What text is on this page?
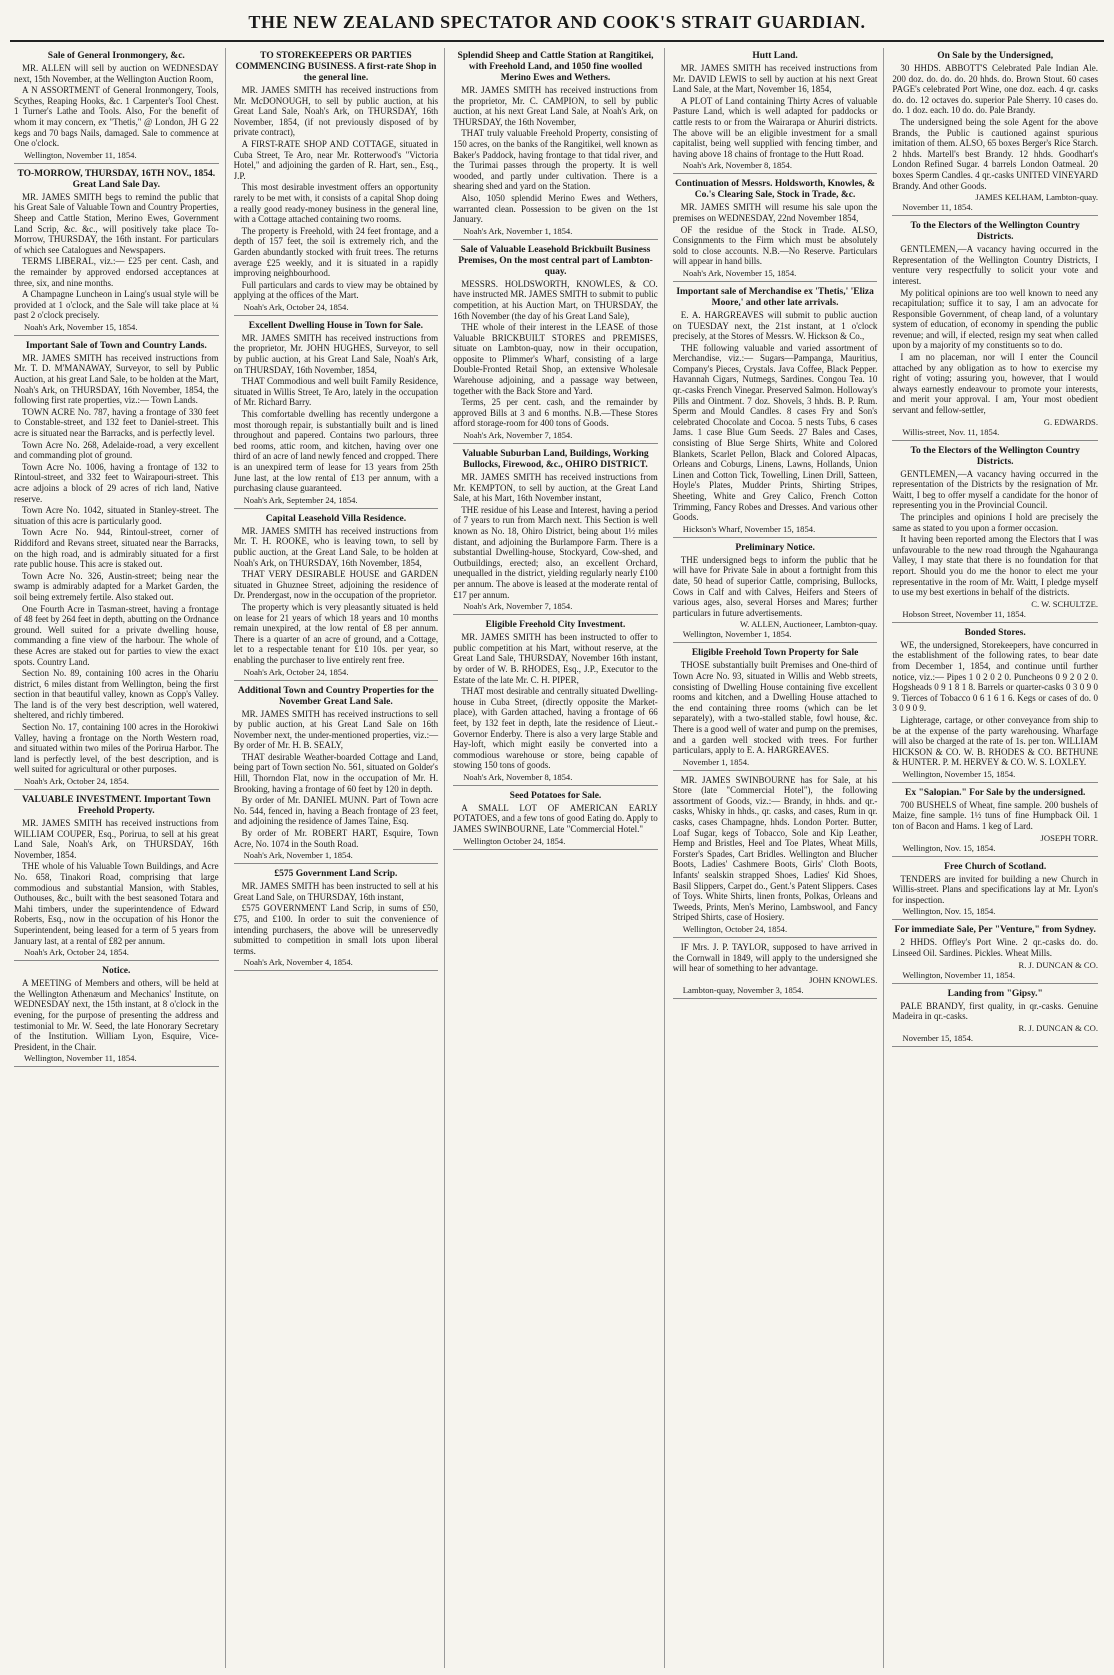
THE NEW ZEALAND SPECTATOR AND COOK'S STRAIT GUARDIAN.
Sale of General Ironmongery, &c.

MR. ALLEN will sell by auction on WEDNESDAY next, 15th November, at the Wellington Auction Room,

A N ASSORTMENT of General Ironmongery, Tools, Scythes, Reaping Hooks, &c. 1 Carpenter's Tool Chest. 1 Turner's Lathe and Tools. Also, For the benefit of whom it may concern, ex "Thetis," @ London, JH G 22 kegs and 70 bags Nails, damaged. Sale to commence at One o'clock.

Wellington, November 11, 1854.

TO-MORROW, THURSDAY, 16TH NOV., 1854. Great Land Sale Day.

MR. JAMES SMITH begs to remind the public that his Great Sale of Valuable Town and Country Properties, Sheep and Cattle Station, Merino Ewes, Government Land Scrip, &c. &c., will positively take place To-Morrow, THURSDAY, the 16th instant. For particulars of which see Catalogues and Newspapers.

TERMS LIBERAL, viz.:— £25 per cent. Cash, and the remainder by approved endorsed acceptances at three, six, and nine months.

A Champagne Luncheon in Laing's usual style will be provided at 1 o'clock, and the Sale will take place at ¼ past 2 o'clock precisely.

Noah's Ark, November 15, 1854.

Important Sale of Town and Country Lands.

MR. JAMES SMITH has received instructions from Mr. T. D. M'MANAWAY, Surveyor, to sell by Public Auction, at his great Land Sale, to be holden at the Mart, Noah's Ark, on THURSDAY, 16th November, 1854, the following first rate properties, viz.:— Town Lands.

TOWN ACRE No. 787, having a frontage of 330 feet to Constable-street, and 132 feet to Daniel-street. This acre is situated near the Barracks, and is perfectly level.

Town Acre No. 268, Adelaide-road, a very excellent and commanding plot of ground.

Town Acre No. 1006, having a frontage of 132 to Rintoul-street, and 332 feet to Wairapouri-street. This acre adjoins a block of 29 acres of rich land, Native reserve.

Town Acre No. 1042, situated in Stanley-street. The situation of this acre is particularly good.

Town Acre No. 944, Rintoul-street, corner of Riddiford and Revans street, situated near the Barracks, on the high road, and is admirably situated for a first rate public house. This acre is staked out.

Town Acre No. 326, Austin-street; being near the swamp is admirably adapted for a Market Garden, the soil being extremely fertile. Also staked out.

One Fourth Acre in Tasman-street, having a frontage of 48 feet by 264 feet in depth, abutting on the Ordnance ground. Well suited for a private dwelling house, commanding a fine view of the harbour. The whole of these Acres are staked out for parties to view the exact spots. Country Land.

Section No. 89, containing 100 acres in the Ohariu district, 6 miles distant from Wellington, being the first section in that beautiful valley, known as Copp's Valley. The land is of the very best description, well watered, sheltered, and richly timbered.

Section No. 17, containing 100 acres in the Horokiwi Valley, having a frontage on the North Western road, and situated within two miles of the Porirua Harbor. The land is perfectly level, of the best description, and is well suited for agricultural or other purposes.

Noah's Ark, October 24, 1854.

VALUABLE INVESTMENT. Important Town Freehold Property.

MR. JAMES SMITH has received instructions from WILLIAM COUPER, Esq., Porirua, to sell at his great Land Sale, Noah's Ark, on THURSDAY, 16th November, 1854.

THE whole of his Valuable Town Buildings, and Acre No. 658, Tinakori Road, comprising that large commodious and substantial Mansion, with Stables, Outhouses, &c., built with the best seasoned Totara and Mahi timbers, under the superintendence of Edward Roberts, Esq., now in the occupation of his Honor the Superintendent, being leased for a term of 5 years from January last, at a rental of £82 per annum.

Noah's Ark, October 24, 1854.

Notice.

A MEETING of Members and others, will be held at the Wellington Athenæum and Mechanics' Institute, on WEDNESDAY next, the 15th instant, at 8 o'clock in the evening, for the purpose of presenting the address and testimonial to Mr. W. Seed, the late Honorary Secretary of the Institution. William Lyon, Esquire, Vice-President, in the Chair.

Wellington, November 11, 1854.

TO STOREKEEPERS OR PARTIES COMMENCING BUSINESS. A first-rate Shop in the general line.

MR. JAMES SMITH has received instructions from Mr. McDONOUGH, to sell by public auction, at his Great Land Sale, Noah's Ark, on THURSDAY, 16th November, 1854, (if not previously disposed of by private contract),

A FIRST-RATE SHOP AND COTTAGE, situated in Cuba Street, Te Aro, near Mr. Rotterwood's "Victoria Hotel," and adjoining the garden of R. Hart, sen., Esq., J.P.

This most desirable investment offers an opportunity rarely to be met with, it consists of a capital Shop doing a really good ready-money business in the general line, with a Cottage attached containing two rooms.

The property is Freehold, with 24 feet frontage, and a depth of 157 feet, the soil is extremely rich, and the Garden abundantly stocked with fruit trees. The returns average £25 weekly, and it is situated in a rapidly improving neighbourhood.

Full particulars and cards to view may be obtained by applying at the offices of the Mart.

Noah's Ark, October 24, 1854.

Excellent Dwelling House in Town for Sale.

MR. JAMES SMITH has received instructions from the proprietor, Mr. JOHN HUGHES, Surveyor, to sell by public auction, at his Great Land Sale, Noah's Ark, on THURSDAY, 16th November, 1854,

THAT Commodious and well built Family Residence, situated in Willis Street, Te Aro, lately in the occupation of Mr. Richard Barry.

This comfortable dwelling has recently undergone a most thorough repair, is substantially built and is lined throughout and papered. Contains two parlours, three bed rooms, attic room, and kitchen, having over one third of an acre of land newly fenced and cropped. There is an unexpired term of lease for 13 years from 25th June last, at the low rental of £13 per annum, with a purchasing clause guaranteed.

Noah's Ark, September 24, 1854.

Capital Leasehold Villa Residence.

MR. JAMES SMITH has received instructions from Mr. T. H. ROOKE, who is leaving town, to sell by public auction, at the Great Land Sale, to be holden at Noah's Ark, on THURSDAY, 16th November, 1854,

THAT VERY DESIRABLE HOUSE and GARDEN situated in Ghuznee Street, adjoining the residence of Dr. Prendergast, now in the occupation of the proprietor.

The property which is very pleasantly situated is held on lease for 21 years of which 18 years and 10 months remain unexpired, at the low rental of £8 per annum. There is a quarter of an acre of ground, and a Cottage, let to a respectable tenant for £10 10s. per year, so enabling the purchaser to live entirely rent free.

Noah's Ark, October 24, 1854.

Additional Town and Country Properties for the November Great Land Sale.

MR. JAMES SMITH has received instructions to sell by public auction, at his Great Land Sale on 16th November next, the under-mentioned properties, viz.:— By order of Mr. H. B. SEALY,

THAT desirable Weather-boarded Cottage and Land, being part of Town section No. 561, situated on Golder's Hill, Thorndon Flat, now in the occupation of Mr. H. Brooking, having a frontage of 60 feet by 120 in depth.

By order of Mr. DANIEL MUNN. Part of Town acre No. 544, fenced in, having a Beach frontage of 23 feet, and adjoining the residence of James Taine, Esq.

By order of Mr. ROBERT HART, Esquire, Town Acre, No. 1074 in the South Road.

Noah's Ark, November 1, 1854.

£575 Government Land Scrip.

MR. JAMES SMITH has been instructed to sell at his Great Land Sale, on THURSDAY, 16th instant,

£575 GOVERNMENT Land Scrip, in sums of £50, £75, and £100. In order to suit the convenience of intending purchasers, the above will be unreservedly submitted to competition in small lots upon liberal terms.

Noah's Ark, November 4, 1854.

Splendid Sheep and Cattle Station at Rangitikei, with Freehold Land, and 1050 fine woolled Merino Ewes and Wethers.

MR. JAMES SMITH has received instructions from the proprietor, Mr. C. CAMPION, to sell by public auction, at his next Great Land Sale, at Noah's Ark, on THURSDAY, the 16th November,

THAT truly valuable Freehold Property, consisting of 150 acres, on the banks of the Rangitikei, well known as Baker's Paddock, having frontage to that tidal river, and the Turimai passes through the property. It is well wooded, and partly under cultivation. There is a shearing shed and yard on the Station.

Also, 1050 splendid Merino Ewes and Wethers, warranted clean. Possession to be given on the 1st January.

Noah's Ark, November 1, 1854.

Sale of Valuable Leasehold Brickbuilt Business Premises, On the most central part of Lambton-quay.

MESSRS. HOLDSWORTH, KNOWLES, & CO. have instructed MR. JAMES SMITH to submit to public competition, at his Auction Mart, on THURSDAY, the 16th November (the day of his Great Land Sale),

THE whole of their interest in the LEASE of those Valuable BRICKBUILT STORES and PREMISES, situate on Lambton-quay, now in their occupation, opposite to Plimmer's Wharf, consisting of a large Double-Fronted Retail Shop, an extensive Wholesale Warehouse adjoining, and a passage way between, together with the Back Store and Yard.

Terms, 25 per cent. cash, and the remainder by approved Bills at 3 and 6 months. N.B.—These Stores afford storage-room for 400 tons of Goods.

Noah's Ark, November 7, 1854.

Valuable Suburban Land, Buildings, Working Bullocks, Firewood, &c., OHIRO DISTRICT.

MR. JAMES SMITH has received instructions from Mr. KEMPTON, to sell by auction, at the Great Land Sale, at his Mart, 16th November instant,

THE residue of his Lease and Interest, having a period of 7 years to run from March next. This Section is well known as No. 18, Ohiro District, being about 1½ miles distant, and adjoining the Burlampore Farm. There is a substantial Dwelling-house, Stockyard, Cow-shed, and Outbuildings, erected; also, an excellent Orchard, unequalled in the district, yielding regularly nearly £100 per annum. The above is leased at the moderate rental of £17 per annum.

Noah's Ark, November 7, 1854.

Eligible Freehold City Investment.

MR. JAMES SMITH has been instructed to offer to public competition at his Mart, without reserve, at the Great Land Sale, THURSDAY, November 16th instant, by order of W. B. RHODES, Esq., J.P., Executor to the Estate of the late Mr. C. H. PIPER,

THAT most desirable and centrally situated Dwelling-house in Cuba Street, (directly opposite the Market-place), with Garden attached, having a frontage of 66 feet, by 132 feet in depth, late the residence of Lieut.-Governor Enderby. There is also a very large Stable and Hay-loft, which might easily be converted into a commodious warehouse or store, being capable of stowing 150 tons of goods.

Noah's Ark, November 8, 1854.

Seed Potatoes for Sale.

A SMALL LOT OF AMERICAN EARLY POTATOES, and a few tons of good Eating do. Apply to JAMES SWINBOURNE, Late "Commercial Hotel."

Wellington October 24, 1854.

Hutt Land.

MR. JAMES SMITH has received instructions from Mr. DAVID LEWIS to sell by auction at his next Great Land Sale, at the Mart, November 16, 1854,

A PLOT of Land containing Thirty Acres of valuable Pasture Land, which is well adapted for paddocks or cattle rests to or from the Wairarapa or Ahuriri districts. The above will be an eligible investment for a small capitalist, being well supplied with fencing timber, and having above 18 chains of frontage to the Hutt Road.

Noah's Ark, November 8, 1854.

Continuation of Messrs. Holdsworth, Knowles, & Co.'s Clearing Sale, Stock in Trade, &c.

MR. JAMES SMITH will resume his sale upon the premises on WEDNESDAY, 22nd November 1854,

OF the residue of the Stock in Trade. ALSO, Consignments to the Firm which must be absolutely sold to close accounts. N.B.—No Reserve. Particulars will appear in hand bills.

Noah's Ark, November 15, 1854.

Important sale of Merchandise ex 'Thetis,' 'Eliza Moore,' and other late arrivals.

E. A. HARGREAVES will submit to public auction on TUESDAY next, the 21st instant, at 1 o'clock precisely, at the Stores of Messrs. W. Hickson & Co.,

THE following valuable and varied assortment of Merchandise, viz.:— Sugars—Pampanga, Mauritius, Company's Pieces, Crystals. Java Coffee, Black Pepper. Havannah Cigars, Nutmegs, Sardines. Congou Tea. 10 qr.-casks French Vinegar. Preserved Salmon. Holloway's Pills and Ointment. 7 doz. Shovels, 3 hhds. B. P. Rum. Sperm and Mould Candles. 8 cases Fry and Son's celebrated Chocolate and Cocoa. 5 nests Tubs, 6 cases Jams. 1 case Blue Gum Seeds. 27 Bales and Cases, consisting of Blue Serge Shirts, White and Colored Blankets, Scarlet Pellon, Black and Colored Alpacas, Orleans and Coburgs, Linens, Lawns, Hollands, Union Linen and Cotton Tick, Towelling, Linen Drill, Satteen, Hoyle's Plates, Mudder Prints, Shirting Stripes, Sheeting, White and Grey Calico, French Cotton Trimming, Fancy Robes and Dresses. And various other Goods.

Hickson's Wharf, November 15, 1854.

Preliminary Notice.

THE undersigned begs to inform the public that he will have for Private Sale in about a fortnight from this date, 50 head of superior Cattle, comprising, Bullocks, Cows in Calf and with Calves, Heifers and Steers of various ages, also, several Horses and Mares; further particulars in future advertisements.

W. ALLEN, Auctioneer, Lambton-quay.

Wellington, November 1, 1854.

Eligible Freehold Town Property for Sale

THOSE substantially built Premises and One-third of Town Acre No. 93, situated in Willis and Webb streets, consisting of Dwelling House containing five excellent rooms and kitchen, and a Dwelling House attached to the end containing three rooms (which can be let separately), with a two-stalled stable, fowl house, &c. There is a good well of water and pump on the premises, and a garden well stocked with trees. For further particulars, apply to E. A. HARGREAVES.

November 1, 1854.

MR. JAMES SWINBOURNE has for Sale, at his Store (late "Commercial Hotel"), the following assortment of Goods, viz.:— Brandy, in hhds. and qr.-casks, Whisky in hhds., qr. casks, and cases, Rum in qr. casks, cases Champagne, hhds. London Porter. Butter, Loaf Sugar, kegs of Tobacco, Sole and Kip Leather, Hemp and Bristles, Heel and Toe Plates, Wheat Mills, Forster's Spades, Cart Bridles. Wellington and Blucher Boots, Ladies' Cashmere Boots, Girls' Cloth Boots, Infants' sealskin strapped Shoes, Ladies' Kid Shoes, Basil Slippers, Carpet do., Gent.'s Patent Slippers. Cases of Toys. White Shirts, linen fronts, Polkas, Orleans and Tweeds, Prints, Men's Merino, Lambswool, and Fancy Striped Shirts, case of Hosiery.

Wellington, October 24, 1854.

IF Mrs. J. P. TAYLOR, supposed to have arrived in the Cornwall in 1849, will apply to the undersigned she will hear of something to her advantage.

JOHN KNOWLES.

Lambton-quay, November 3, 1854.

On Sale by the Undersigned,

30 HHDS. ABBOTT'S Celebrated Pale Indian Ale. 200 doz. do. do. do. 20 hhds. do. Brown Stout. 60 cases PAGE's celebrated Port Wine, one doz. each. 4 qr. casks do. do. 12 octaves do. superior Pale Sherry. 10 cases do. do. 1 doz. each. 10 do. do. Pale Brandy.

The undersigned being the sole Agent for the above Brands, the Public is cautioned against spurious imitation of them. ALSO, 65 boxes Berger's Rice Starch. 2 hhds. Martell's best Brandy. 12 hhds. Goodhart's London Refined Sugar. 4 barrels London Oatmeal. 20 boxes Sperm Candles. 4 qr.-casks UNITED VINEYARD Brandy. And other Goods.

JAMES KELHAM, Lambton-quay.

November 11, 1854.

To the Electors of the Wellington Country Districts.

GENTLEMEN,—A vacancy having occurred in the Representation of the Wellington Country Districts, I venture very respectfully to solicit your vote and interest.

My political opinions are too well known to need any recapitulation; suffice it to say, I am an advocate for Responsible Government, of cheap land, of a voluntary system of education, of economy in spending the public revenue; and will, if elected, resign my seat when called upon by a majority of my constituents so to do.

I am no placeman, nor will I enter the Council attached by any obligation as to how to exercise my right of voting; assuring you, however, that I would always earnestly endeavour to promote your interests, and merit your approval. I am, Your most obedient servant and fellow-settler,

G. EDWARDS.

Willis-street, Nov. 11, 1854.

To the Electors of the Wellington Country Districts.

GENTLEMEN,—A vacancy having occurred in the representation of the Districts by the resignation of Mr. Waitt, I beg to offer myself a candidate for the honor of representing you in the Provincial Council.

The principles and opinions I hold are precisely the same as stated to you upon a former occasion.

It having been reported among the Electors that I was unfavourable to the new road through the Ngahauranga Valley, I may state that there is no foundation for that report. Should you do me the honor to elect me your representative in the room of Mr. Waitt, I pledge myself to use my best exertions in behalf of the districts.

C. W. SCHULTZE.

Hobson Street, November 11, 1854.

Bonded Stores.

WE, the undersigned, Storekeepers, have concurred in the establishment of the following rates, to bear date from December 1, 1854, and continue until further notice, viz.:— Pipes 1 0 2 0 2 0. Puncheons 0 9 2 0 2 0. Hogsheads 0 9 1 8 1 8. Barrels or quarter-casks 0 3 0 9 0 9. Tierces of Tobacco 0 6 1 6 1 6. Kegs or cases of do. 0 3 0 9 0 9.

Lighterage, cartage, or other conveyance from ship to be at the expense of the party warehousing. Wharfage will also be charged at the rate of 1s. per ton. WILLIAM HICKSON & CO. W. B. RHODES & CO. BETHUNE & HUNTER. P. M. HERVEY & CO. W. S. LOXLEY.

Wellington, November 15, 1854.

Ex "Salopian." For Sale by the undersigned.

700 BUSHELS of Wheat, fine sample. 200 bushels of Maize, fine sample. 1½ tuns of fine Humpback Oil. 1 ton of Bacon and Hams. 1 keg of Lard.

JOSEPH TORR.

Wellington, Nov. 15, 1854.

Free Church of Scotland.

TENDERS are invited for building a new Church in Willis-street. Plans and specifications lay at Mr. Lyon's for inspection.

Wellington, Nov. 15, 1854.

For immediate Sale, Per "Venture," from Sydney.

2 HHDS. Offley's Port Wine. 2 qr.-casks do. do. Linseed Oil. Sardines. Pickles. Wheat Mills.

R. J. DUNCAN & CO.

Wellington, November 11, 1854.

Landing from "Gipsy."

PALE BRANDY, first quality, in qr.-casks. Genuine Madeira in qr.-casks.

R. J. DUNCAN & CO.

November 15, 1854.
